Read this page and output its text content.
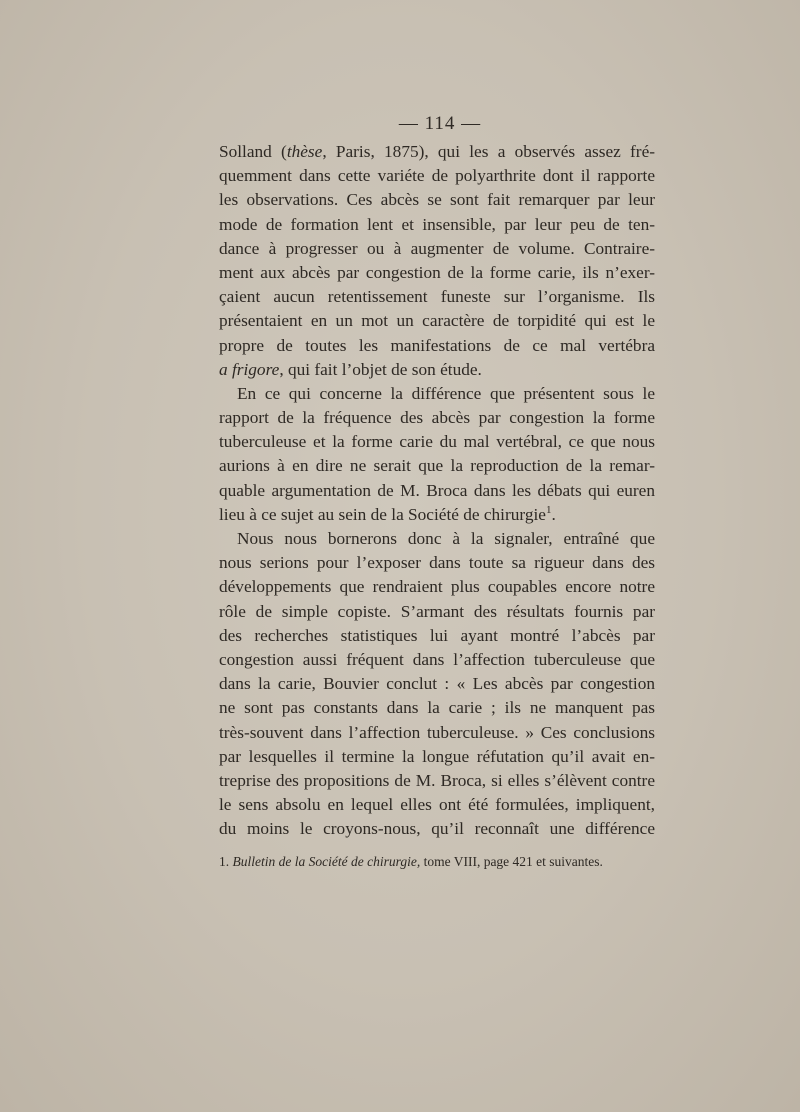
— 114 —
Solland (thèse, Paris, 1875), qui les a observés assez fré-
quemment dans cette variéte de polyarthrite dont il rapporte
les observations. Ces abcès se sont fait remarquer par leur
mode de formation lent et insensible, par leur peu de ten-
dance à progresser ou à augmenter de volume. Contraire-
ment aux abcès par congestion de la forme carie, ils n’exer-
çaient aucun retentissement funeste sur l’organisme. Ils
présentaient en un mot un caractère de torpidité qui est le
propre de toutes les manifestations de ce mal vertébra
a frigore, qui fait l’objet de son étude.
En ce qui concerne la différence que présentent sous le
rapport de la fréquence des abcès par congestion la forme
tuberculeuse et la forme carie du mal vertébral, ce que nous
aurions à en dire ne serait que la reproduction de la remar-
quable argumentation de M. Broca dans les débats qui euren
lieu à ce sujet au sein de la Société de chirurgie$^1$.
Nous nous bornerons donc à la signaler, entraîné que
nous serions pour l’exposer dans toute sa rigueur dans des
développements que rendraient plus coupables encore notre
rôle de simple copiste. S’armant des résultats fournis par
des recherches statistiques lui ayant montré l’abcès par
congestion aussi fréquent dans l’affection tuberculeuse que
dans la carie, Bouvier conclut : « Les abcès par congestion
ne sont pas constants dans la carie ; ils ne manquent pas
très-souvent dans l’affection tuberculeuse. » Ces conclusions
par lesquelles il termine la longue réfutation qu’il avait en-
treprise des propositions de M. Broca, si elles s’élèvent contre
le sens absolu en lequel elles ont été formulées, impliquent,
du moins le croyons-nous, qu’il reconnaît une différence
1. Bulletin de la Société de chirurgie, tome VIII, page 421 et suivantes.
